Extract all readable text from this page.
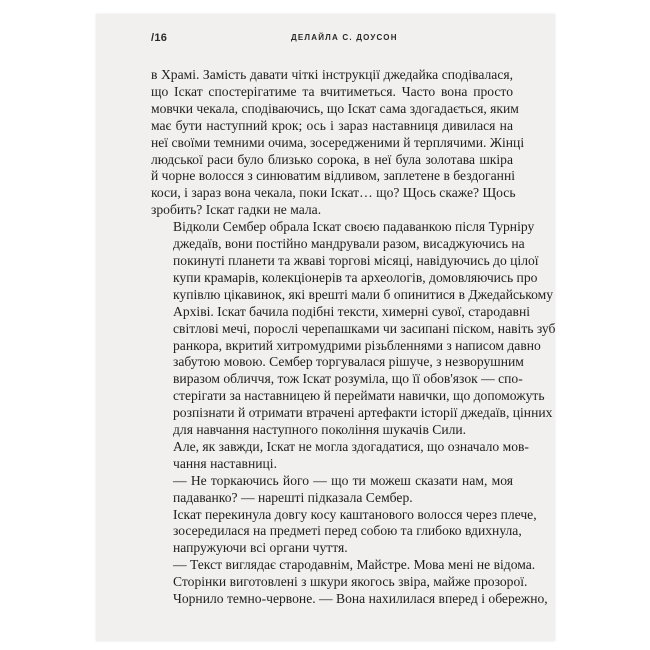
/16	ДЕЛАЙЛА С. ДОУСОН

в Храмі. Замість давати чіткі інструкції джедайка сподівалася,
що Іскат спостерігатиме та вчитиметься. Часто вона просто
мовчки чекала, сподіваючись, що Іскат сама здогадається, яким
має бути наступний крок; ось і зараз наставниця дивилася на
неї своїми темними очима, зосередженими й терплячими. Жінці
людської раси було близько сорока, в неї була золотава шкіра
й чорне волосся з синюватим відливом, заплетене в бездоганні
коси, і зараз вона чекала, поки Іскат… що? Щось скаже? Щось
зробить? Іскат гадки не мала.

Відколи Сембер обрала Іскат своєю падаванкою після Турніру
джедаїв, вони постійно мандрували разом, висаджуючись на
покинуті планети та жваві торгові місяці, навідуючись до цілої
купи крамарів, колекціонерів та археологів, домовляючись про
купівлю цікавинок, які врешті мали б опинитися в Джедайському
Архіві. Іскат бачила подібні тексти, химерні сувої, стародавні
світлові мечі, порослі черепашками чи засипані піском, навіть зуб
ранкора, вкритий хитромудрими різьбленнями з написом давно
забутою мовою. Сембер торгувалася рішуче, з незворушним
виразом обличчя, тож Іскат розуміла, що її обов'язок — спо-
стерігати за наставницею й переймати навички, що допоможуть
розпізнати й отримати втрачені артефакти історії джедаїв, цінних
для навчання наступного покоління шукачів Сили.

Але, як завжди, Іскат не могла здогадатися, що означало мов-
чання наставниці.

— Не торкаючись його — що ти можеш сказати нам, моя
падаванко? — нарешті підказала Сембер.

Іскат перекинула довгу косу каштанового волосся через плече,
зосередилася на предметі перед собою та глибоко вдихнула,
напружуючи всі органи чуття.

— Текст виглядає стародавнім, Майстре. Мова мені не відома.
Сторінки виготовлені з шкури якогось звіра, майже прозорої.
Чорнило темно-червоне. — Вона нахилилася вперед і обережно,
